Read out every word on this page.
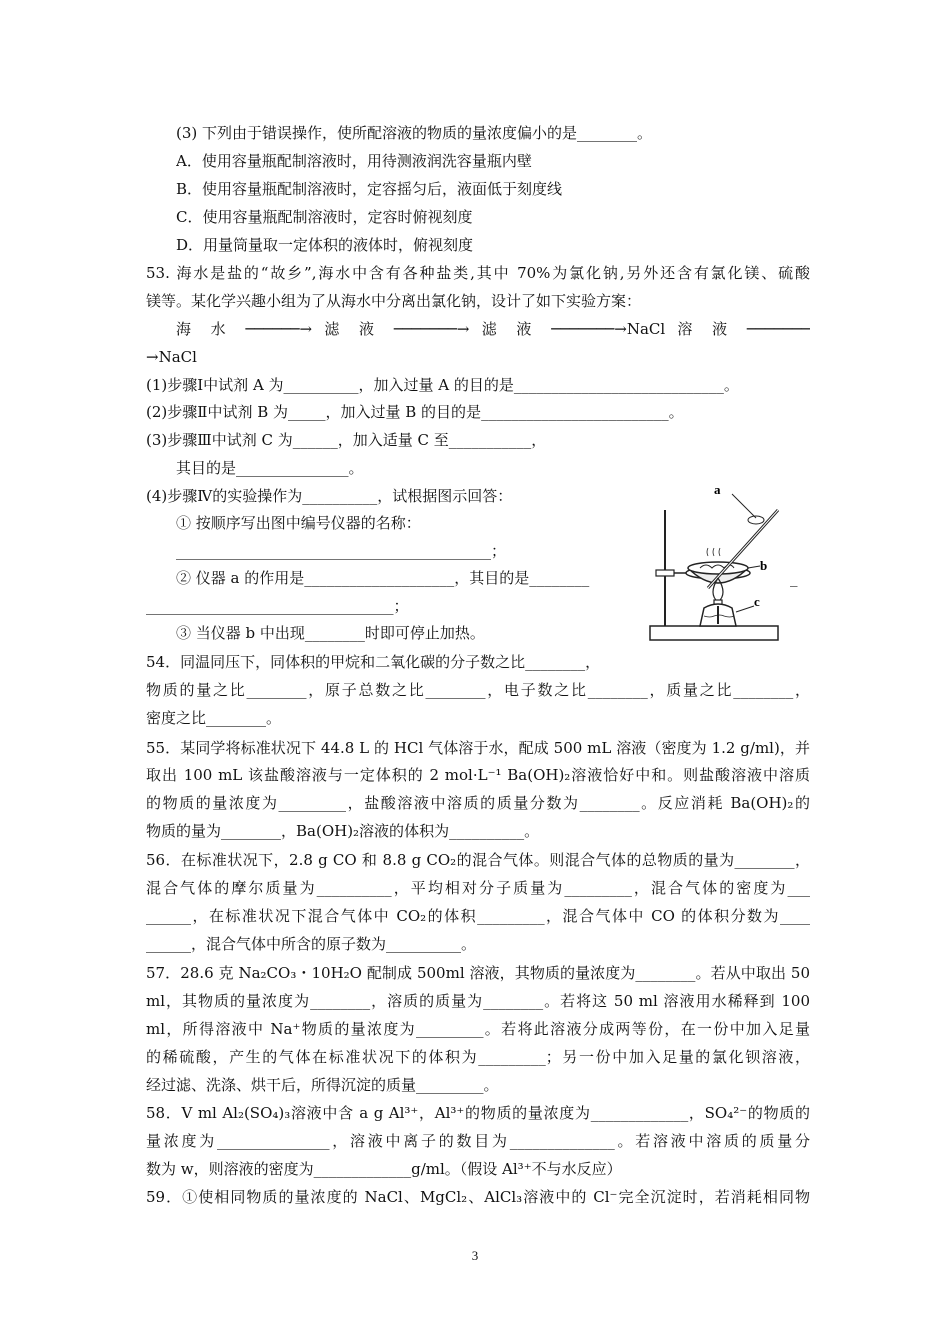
(3) 下列由于错误操作，使所配溶液的物质的量浓度偏小的是________。
A．使用容量瓶配制溶液时，用待测液润洗容量瓶内壁
B．使用容量瓶配制溶液时，定容摇匀后，液面低于刻度线
C．使用容量瓶配制溶液时，定容时俯视刻度
D．用量筒量取一定体积的液体时，俯视刻度
53. 海水是盐的“故乡”,海水中含有各种盐类,其中 70%为氯化钠,另外还含有氯化镁、硫酸
镁等。某化学兴趣小组为了从海水中分离出氯化钠，设计了如下实验方案：
海 水 ──────→ 滤 液 ───────→ 滤 液 ───────→NaCl 溶 液 ───────
→NaCl
(1)步骤Ⅰ中试剂 A 为__________，加入过量 A 的目的是____________________________。
(2)步骤Ⅱ中试剂 B 为_____，加入过量 B 的目的是_________________________。
(3)步骤Ⅲ中试剂 C 为______，加入适量 C 至___________，
其目的是_______________。
(4)步骤Ⅳ的实验操作为__________，试根据图示回答：
① 按顺序写出图中编号仪器的名称：
__________________________________________；
② 仪器 a 的作用是____________________，其目的是________	_
_________________________________；
③ 当仪器 b 中出现________时即可停止加热。
a
b
c
54．同温同压下，同体积的甲烷和二氧化碳的分子数之比________，
物质的量之比________，原子总数之比________，电子数之比________，质量之比________，
密度之比________。
55．某同学将标准状况下 44.8 L 的 HCl 气体溶于水，配成 500 mL 溶液（密度为 1.2 g/ml)，并
取出 100 mL 该盐酸溶液与一定体积的 2 mol·L⁻¹ Ba(OH)₂溶液恰好中和。则盐酸溶液中溶质
的物质的量浓度为_________，盐酸溶液中溶质的质量分数为________。反应消耗 Ba(OH)₂的
物质的量为________，Ba(OH)₂溶液的体积为__________。
56．在标准状况下，2.8 g CO 和 8.8 g CO₂的混合气体。则混合气体的总物质的量为________，
混合气体的摩尔质量为__________，平均相对分子质量为_________，混合气体的密度为___
______，在标准状况下混合气体中 CO₂的体积_________，混合气体中 CO 的体积分数为____
______，混合气体中所含的原子数为__________。
57．28.6 克 Na₂CO₃・10H₂O 配制成 500ml 溶液，其物质的量浓度为________。若从中取出 50
ml，其物质的量浓度为________，溶质的质量为________。若将这 50 ml 溶液用水稀释到 100
ml，所得溶液中 Na⁺物质的量浓度为_________。若将此溶液分成两等份，在一份中加入足量
的稀硫酸，产生的气体在标准状况下的体积为_________；另一份中加入足量的氯化钡溶液，
经过滤、洗涤、烘干后，所得沉淀的质量_________。
58．V ml Al₂(SO₄)₃溶液中含 a g Al³⁺，Al³⁺的物质的量浓度为_____________，SO₄²⁻的物质的
量浓度为_______________，溶液中离子的数目为______________。若溶液中溶质的质量分
数为 w，则溶液的密度为_____________g/ml。（假设 Al³⁺不与水反应）
59．①使相同物质的量浓度的 NaCl、MgCl₂、AlCl₃溶液中的 Cl⁻完全沉淀时，若消耗相同物
3
